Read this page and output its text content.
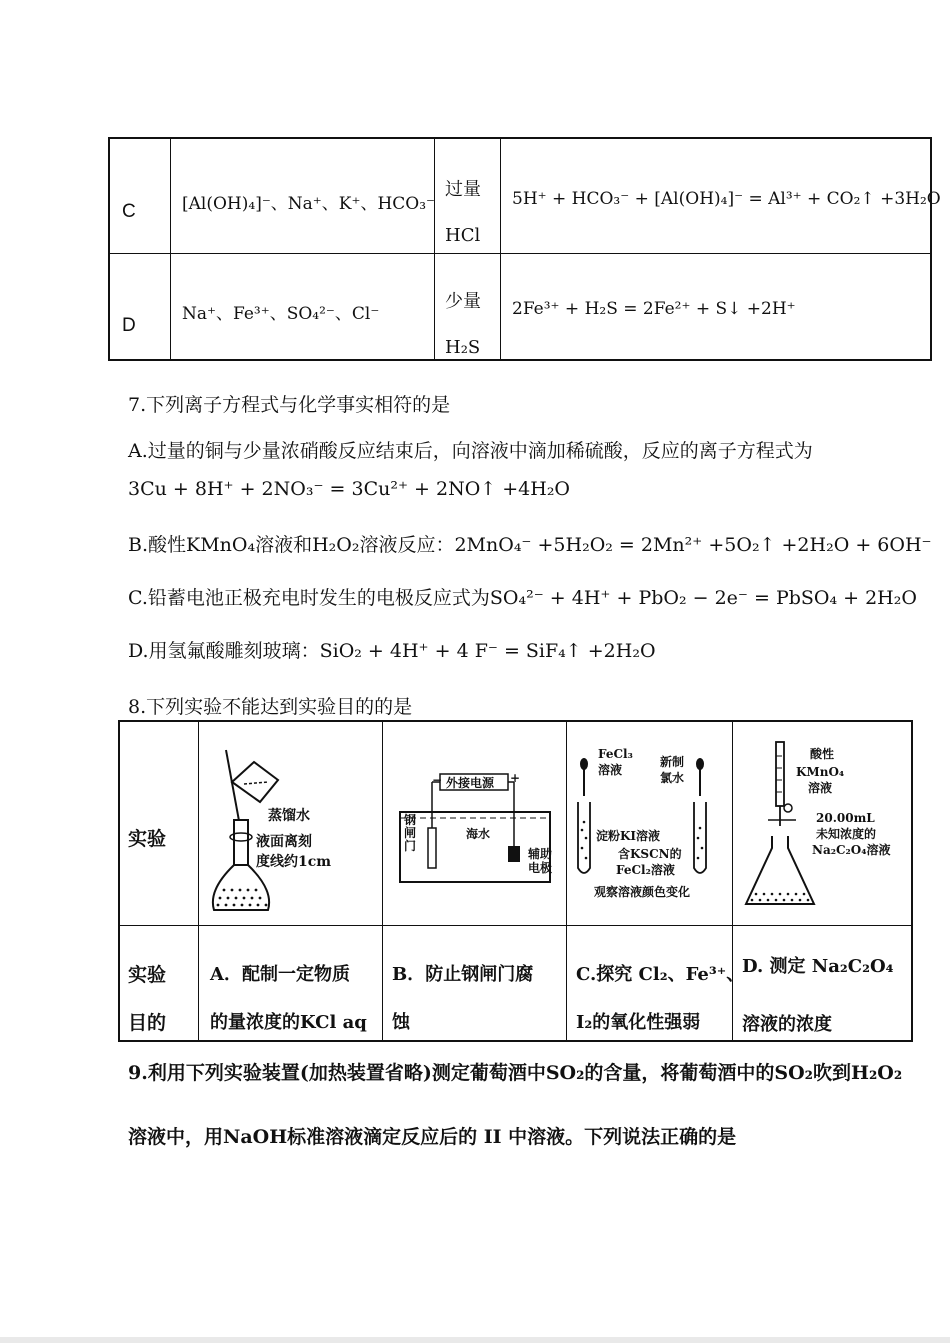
C	[Al(OH)₄]⁻、Na⁺、K⁺、HCO₃⁻
过量
HCl
5H⁺ + HCO₃⁻ + [Al(OH)₄]⁻ = Al³⁺ + CO₂↑ +3H₂O
D
Na⁺、Fe³⁺、SO₄²⁻、Cl⁻
少量
H₂S
2Fe³⁺ + H₂S = 2Fe²⁺ + S↓ +2H⁺
7.下列离子方程式与化学事实相符的是
A.过量的铜与少量浓硝酸反应结束后，向溶液中滴加稀硫酸，反应的离子方程式为
3Cu + 8H⁺ + 2NO₃⁻ = 3Cu²⁺ + 2NO↑ +4H₂O
B.酸性KMnO₄溶液和H₂O₂溶液反应：2MnO₄⁻ +5H₂O₂ = 2Mn²⁺ +5O₂↑ +2H₂O + 6OH⁻
C.铅蓄电池正极充电时发生的电极反应式为SO₄²⁻ + 4H⁺ + PbO₂ − 2e⁻ = PbSO₄ + 2H₂O
D.用氢氟酸雕刻玻璃：SiO₂ + 4H⁺ + 4 F⁻ = SiF₄↑ +2H₂O
8.下列实验不能达到实验目的的是
实验
实验
目的
蒸馏水
液面离刻
度线约1cm
外接电源
−	+
钢闸门
海水
辅助
电极
FeCl₃
溶液
新制
氯水
淀粉KI溶液
含KSCN的
FeCl₂溶液
观察溶液颜色变化
酸性
KMnO₄
溶液
20.00mL
未知浓度的
Na₂C₂O₄溶液
A．配制一定物质
的量浓度的KCl aq
B．防止钢闸门腐
蚀
C.探究 Cl₂、Fe³⁺、
I₂的氧化性强弱
D. 测定 Na₂C₂O₄
溶液的浓度
9.利用下列实验装置(加热装置省略)测定葡萄酒中SO₂的含量，将葡萄酒中的SO₂吹到H₂O₂
溶液中，用NaOH标准溶液滴定反应后的 II 中溶液。下列说法正确的是
